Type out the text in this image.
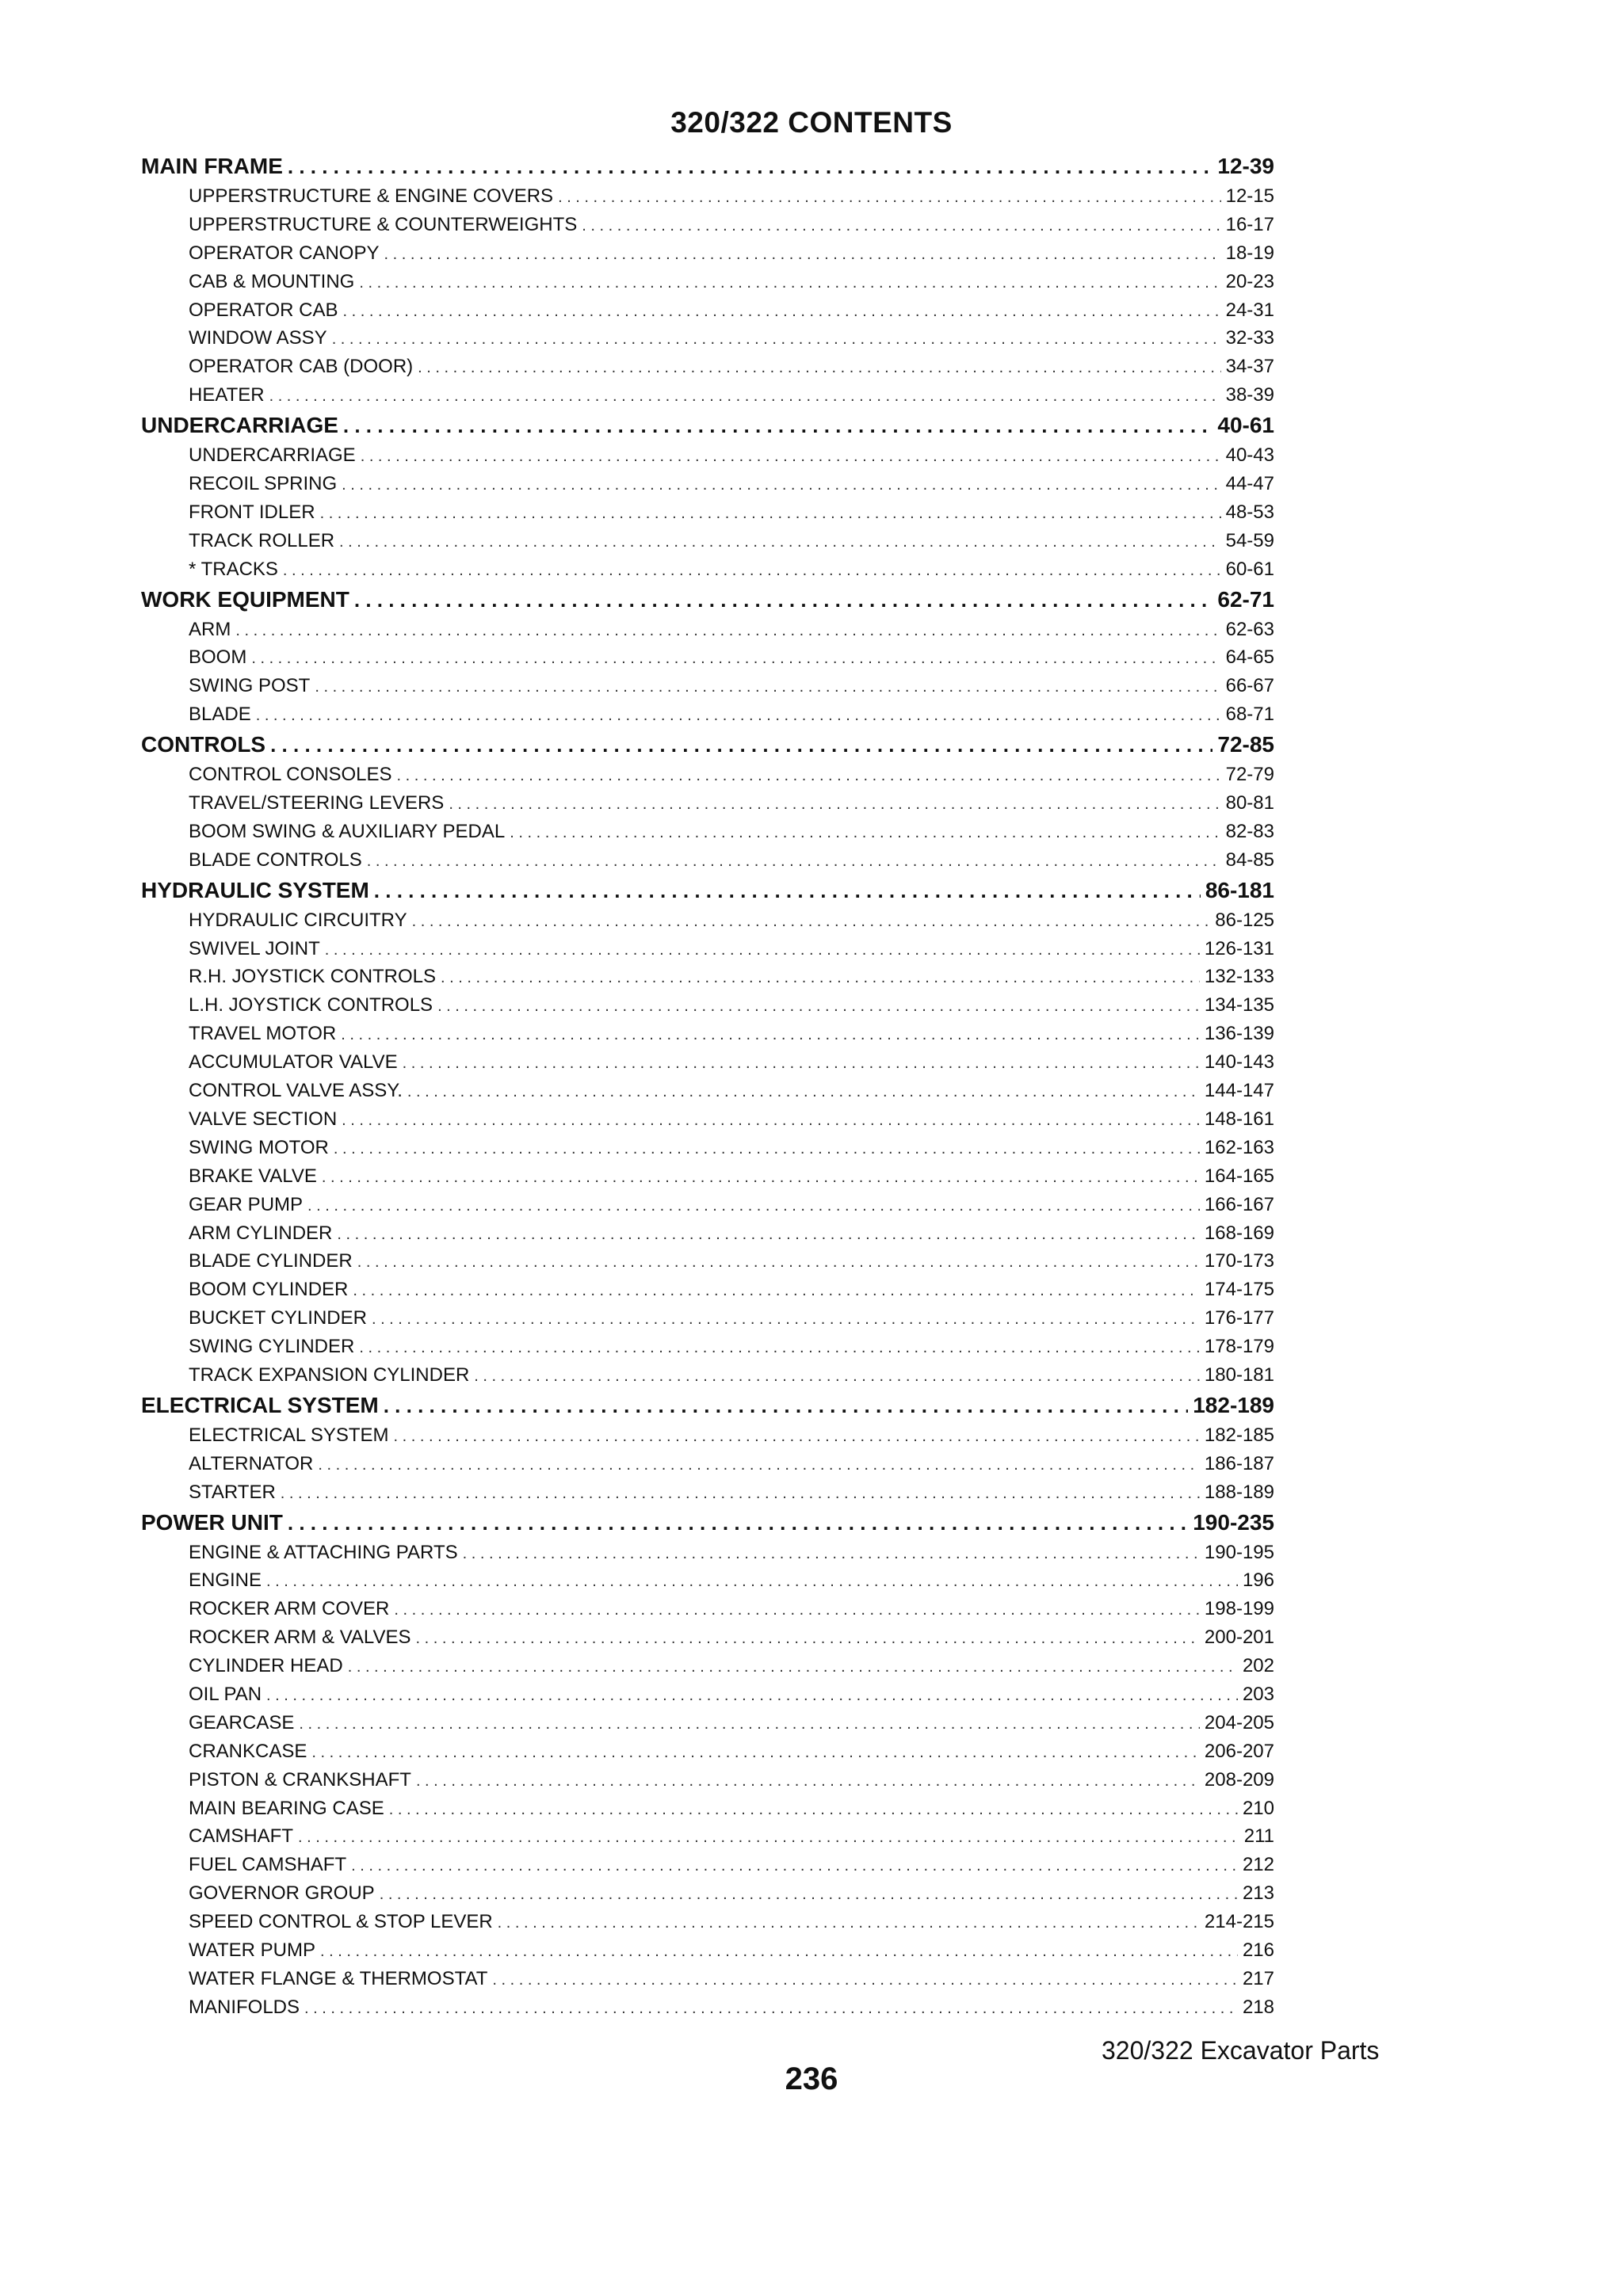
320/322 CONTENTS
MAIN FRAME . . .	12-39
UPPERSTRUCTURE & ENGINE COVERS . . .	12-15
UPPERSTRUCTURE & COUNTERWEIGHTS . . .	16-17
OPERATOR CANOPY . . .	18-19
CAB & MOUNTING . . .	20-23
OPERATOR CAB . . .	24-31
WINDOW ASSY . . .	32-33
OPERATOR CAB (DOOR) . . .	34-37
HEATER . . .	38-39
UNDERCARRIAGE . . .	40-61
UNDERCARRIAGE . . .	40-43
RECOIL SPRING . . .	44-47
FRONT IDLER . . .	48-53
TRACK ROLLER . . .	54-59
* TRACKS . . .	60-61
WORK EQUIPMENT . . .	62-71
ARM . . .	62-63
BOOM . . .	64-65
SWING POST . . .	66-67
BLADE . . .	68-71
CONTROLS . . .	72-85
CONTROL CONSOLES . . .	72-79
TRAVEL/STEERING LEVERS . . .	80-81
BOOM SWING & AUXILIARY PEDAL . . .	82-83
BLADE CONTROLS . . .	84-85
HYDRAULIC SYSTEM . . .	86-181
HYDRAULIC CIRCUITRY . . .	86-125
SWIVEL JOINT . . .	126-131
R.H. JOYSTICK CONTROLS . . .	132-133
L.H. JOYSTICK CONTROLS . . .	134-135
TRAVEL MOTOR . . .	136-139
ACCUMULATOR VALVE . . .	140-143
CONTROL VALVE ASSY. . . .	144-147
VALVE SECTION . . .	148-161
SWING MOTOR . . .	162-163
BRAKE VALVE . . .	164-165
GEAR PUMP . . .	166-167
ARM CYLINDER . . .	168-169
BLADE CYLINDER . . .	170-173
BOOM CYLINDER . . .	174-175
BUCKET CYLINDER . . .	176-177
SWING CYLINDER . . .	178-179
TRACK EXPANSION CYLINDER . . .	180-181
ELECTRICAL SYSTEM . . .	182-189
ELECTRICAL SYSTEM . . .	182-185
ALTERNATOR . . .	186-187
STARTER . . .	188-189
POWER UNIT . . .	190-235
ENGINE & ATTACHING PARTS . . .	190-195
ENGINE . . .	196
ROCKER ARM COVER . . .	198-199
ROCKER ARM & VALVES . . .	200-201
CYLINDER HEAD . . .	202
OIL PAN . . .	203
GEARCASE . . .	204-205
CRANKCASE . . .	206-207
PISTON & CRANKSHAFT . . .	208-209
MAIN BEARING CASE . . .	210
CAMSHAFT . . .	211
FUEL CAMSHAFT . . .	212
GOVERNOR GROUP . . .	213
SPEED CONTROL & STOP LEVER . . .	214-215
WATER PUMP . . .	216
WATER FLANGE & THERMOSTAT . . .	217
MANIFOLDS . . .	218
320/322 Excavator Parts
236
